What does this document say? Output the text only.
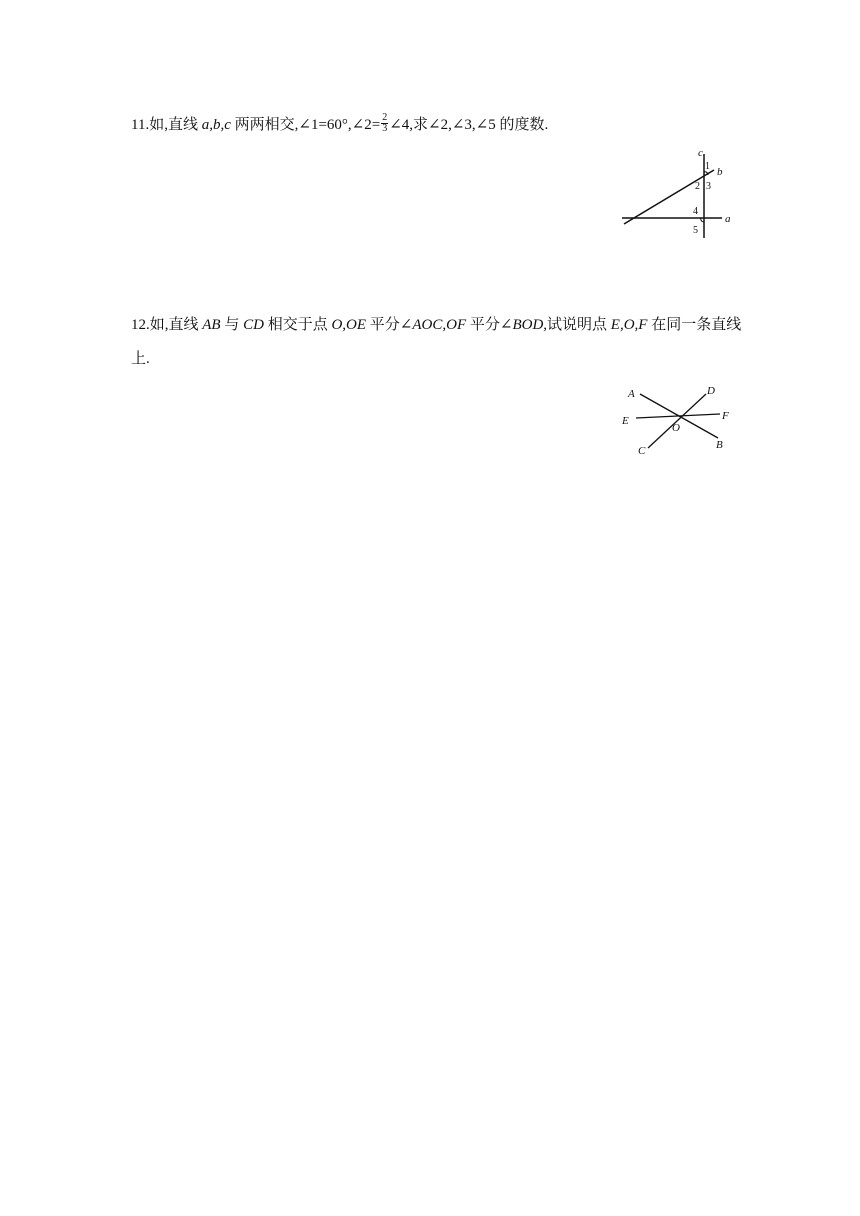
11.如,直线 a,b,c 两两相交,∠1=60°,∠2= $\frac{2}{3}$ ∠4,求∠2,∠3,∠5 的度数.
c
b
a
1
2 3
4
5
12.如,直线 AB 与 CD 相交于点 O,OE 平分∠AOC,OF 平分∠BOD,试说明点 E,O,F 在同一条直线上.
A	D
E	F
O
C	B
